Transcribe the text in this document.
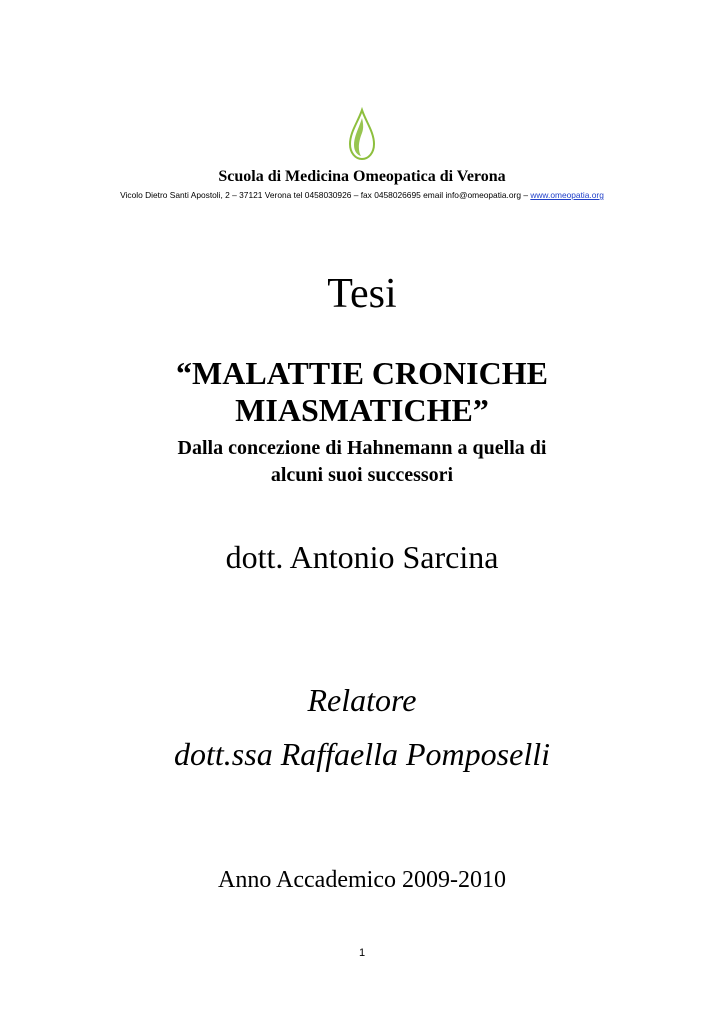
Scuola di Medicina Omeopatica di Verona
Vicolo Dietro Santi Apostoli, 2 – 37121 Verona tel 0458030926 – fax 0458026695 email info@omeopatia.org – www.omeopatia.org
Tesi
“MALATTIE CRONICHE
MIASMATICHE”
Dalla concezione di Hahnemann a quella di
alcuni suoi successori
dott. Antonio Sarcina
Relatore
dott.ssa Raffaella Pomposelli
Anno Accademico 2009-2010
1
